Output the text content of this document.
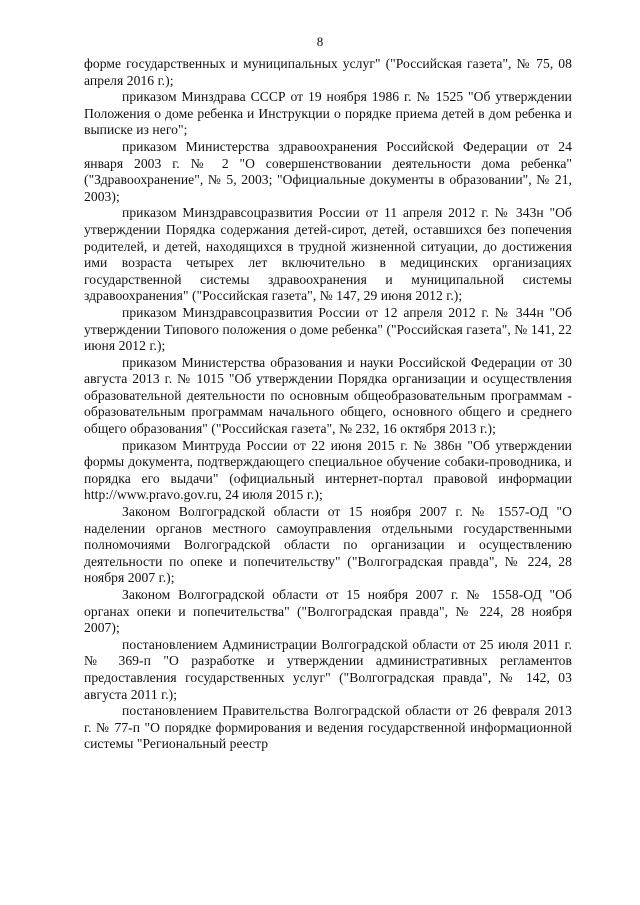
8

форме государственных и муниципальных услуг" ("Российская газета", № 75, 08 апреля 2016 г.);

приказом Минздрава СССР от 19 ноября 1986 г. № 1525 "Об утверждении Положения о доме ребенка и Инструкции о порядке приема детей в дом ребенка и выписке из него";

приказом Министерства здравоохранения Российской Федерации от 24 января 2003 г. № 2 "О совершенствовании деятельности дома ребенка" ("Здравоохранение", № 5, 2003; "Официальные документы в образовании", № 21, 2003);

приказом Минздравсоцразвития России от 11 апреля 2012 г. № 343н "Об утверждении Порядка содержания детей-сирот, детей, оставшихся без попечения родителей, и детей, находящихся в трудной жизненной ситуации, до достижения ими возраста четырех лет включительно в медицинских организациях государственной системы здравоохранения и муниципальной системы здравоохранения" ("Российская газета", № 147, 29 июня 2012 г.);

приказом Минздравсоцразвития России от 12 апреля 2012 г. № 344н "Об утверждении Типового положения о доме ребенка" ("Российская газета", № 141, 22 июня 2012 г.);

приказом Министерства образования и науки Российской Федерации от 30 августа 2013 г. № 1015 "Об утверждении Порядка организации и осуществления образовательной деятельности по основным общеобразовательным программам - образовательным программам начального общего, основного общего и среднего общего образования" ("Российская газета", № 232, 16 октября 2013 г.);

приказом Минтруда России от 22 июня 2015 г. № 386н "Об утверждении формы документа, подтверждающего специальное обучение собаки-проводника, и порядка его выдачи" (официальный интернет-портал правовой информации http://www.pravo.gov.ru, 24 июля 2015 г.);

Законом Волгоградской области от 15 ноября 2007 г. № 1557-ОД "О наделении органов местного самоуправления отдельными государственными полномочиями Волгоградской области по организации и осуществлению деятельности по опеке и попечительству" ("Волгоградская правда", № 224, 28 ноября 2007 г.);

Законом Волгоградской области от 15 ноября 2007 г. № 1558-ОД "Об органах опеки и попечительства" ("Волгоградская правда", № 224, 28 ноября 2007);

постановлением Администрации Волгоградской области от 25 июля 2011 г. № 369-п "О разработке и утверждении административных регламентов предоставления государственных услуг" ("Волгоградская правда", № 142, 03 августа 2011 г.);

постановлением Правительства Волгоградской области от 26 февраля 2013 г. № 77-п "О порядке формирования и ведения государственной информационной системы "Региональный реестр
